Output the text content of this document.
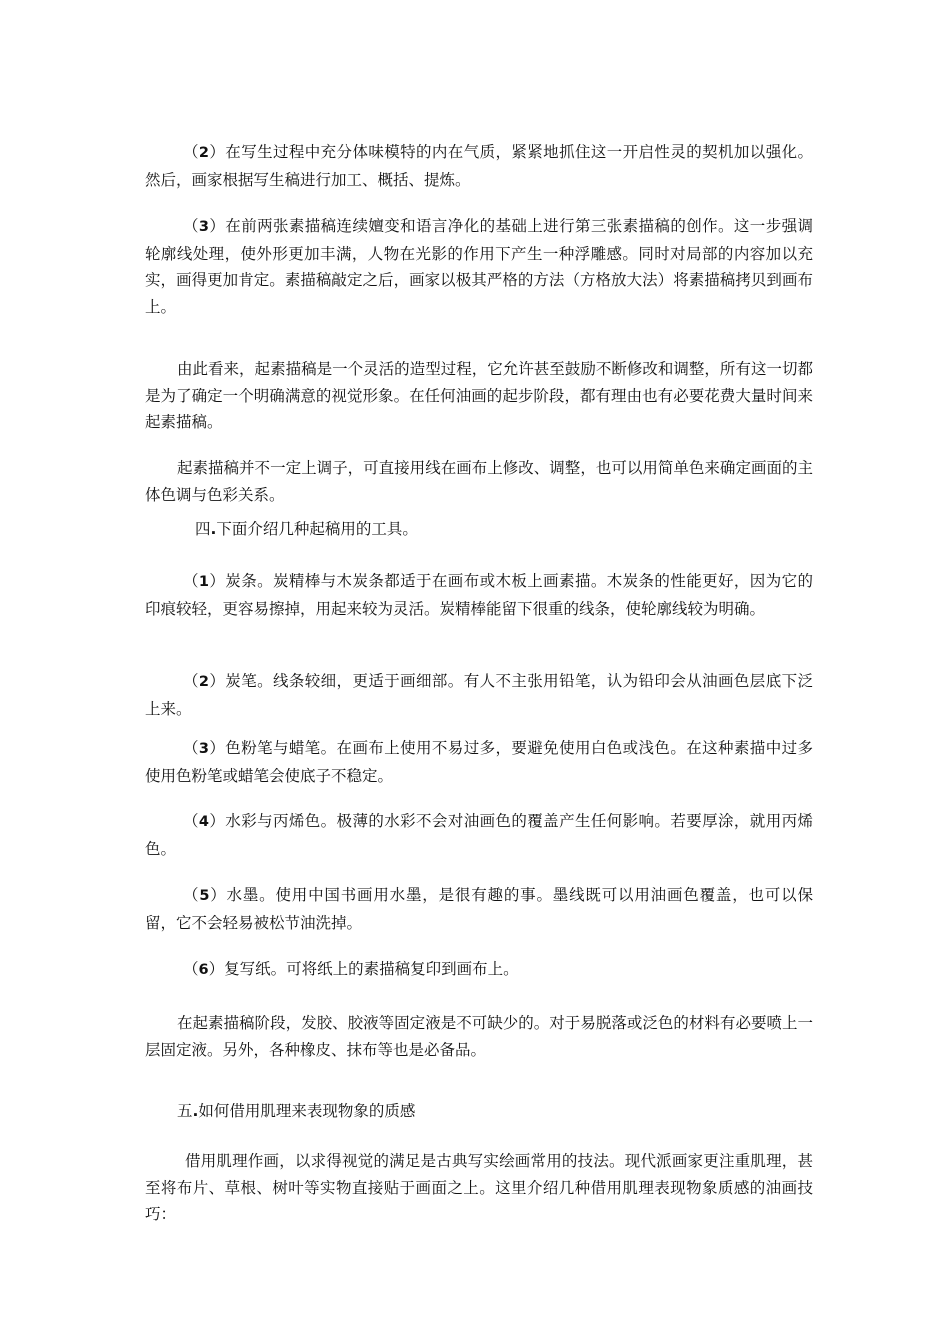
（2）在写生过程中充分体味模特的内在气质，紧紧地抓住这一开启性灵的契机加以强化。然后，画家根据写生稿进行加工、概括、提炼。

（3）在前两张素描稿连续嬗变和语言净化的基础上进行第三张素描稿的创作。这一步强调轮廓线处理，使外形更加丰满，人物在光影的作用下产生一种浮雕感。同时对局部的内容加以充实，画得更加肯定。素描稿敲定之后，画家以极其严格的方法（方格放大法）将素描稿拷贝到画布上。

由此看来，起素描稿是一个灵活的造型过程，它允许甚至鼓励不断修改和调整，所有这一切都是为了确定一个明确满意的视觉形象。在任何油画的起步阶段，都有理由也有必要花费大量时间来起素描稿。

起素描稿并不一定上调子，可直接用线在画布上修改、调整，也可以用简单色来确定画面的主体色调与色彩关系。

四.下面介绍几种起稿用的工具。

（1）炭条。炭精棒与木炭条都适于在画布或木板上画素描。木炭条的性能更好，因为它的印痕较轻，更容易擦掉，用起来较为灵活。炭精棒能留下很重的线条，使轮廓线较为明确。

（2）炭笔。线条较细，更适于画细部。有人不主张用铅笔，认为铅印会从油画色层底下泛上来。

（3）色粉笔与蜡笔。在画布上使用不易过多，要避免使用白色或浅色。在这种素描中过多使用色粉笔或蜡笔会使底子不稳定。

（4）水彩与丙烯色。极薄的水彩不会对油画色的覆盖产生任何影响。若要厚涂，就用丙烯色。

（5）水墨。使用中国书画用水墨，是很有趣的事。墨线既可以用油画色覆盖，也可以保留，它不会轻易被松节油洗掉。

（6）复写纸。可将纸上的素描稿复印到画布上。

在起素描稿阶段，发胶、胶液等固定液是不可缺少的。对于易脱落或泛色的材料有必要喷上一层固定液。另外，各种橡皮、抹布等也是必备品。

五.如何借用肌理来表现物象的质感

借用肌理作画，以求得视觉的满足是古典写实绘画常用的技法。现代派画家更注重肌理，甚至将布片、草根、树叶等实物直接贴于画面之上。这里介绍几种借用肌理表现物象质感的油画技巧：
